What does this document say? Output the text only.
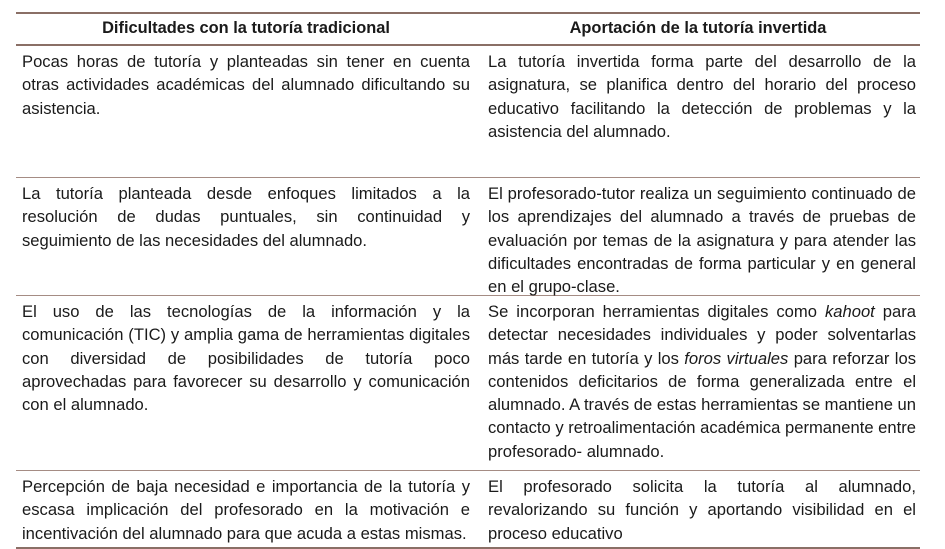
Dificultades con la tutoría tradicional	Aportación de la tutoría invertida
Pocas horas de tutoría y planteadas sin tener en cuenta otras actividades académicas del alumnado dificultando su asistencia.
La tutoría invertida forma parte del desarrollo de la asignatura, se planifica dentro del horario del proceso educativo facilitando la detección de problemas y la asistencia del alumnado.
La tutoría planteada desde enfoques limitados a la resolución de dudas puntuales, sin continuidad y seguimiento de las necesidades del alumnado.
El profesorado-tutor realiza un seguimiento continuado de los aprendizajes del alumnado a través de pruebas de evaluación por temas de la asignatura y para atender las dificultades encontradas de forma particular y en general en el grupo-clase.
El uso de las tecnologías de la información y la comunicación (TIC) y amplia gama de herramientas digitales con diversidad de posibilidades de tutoría poco aprovechadas para favorecer su desarrollo y comunicación con el alumnado.
Se incorporan herramientas digitales como kahoot para detectar necesidades individuales y poder solventarlas más tarde en tutoría y los foros virtuales para reforzar los contenidos deficitarios de forma generalizada entre el alumnado. A través de estas herramientas se mantiene un contacto y retroalimentación académica permanente entre profesorado- alumnado.
Percepción de baja necesidad e importancia de la tutoría y escasa implicación del profesorado en la motivación e incentivación del alumnado para que acuda a estas mismas.
El profesorado solicita la tutoría al alumnado, revalorizando su función y aportando visibilidad en el proceso educativo
